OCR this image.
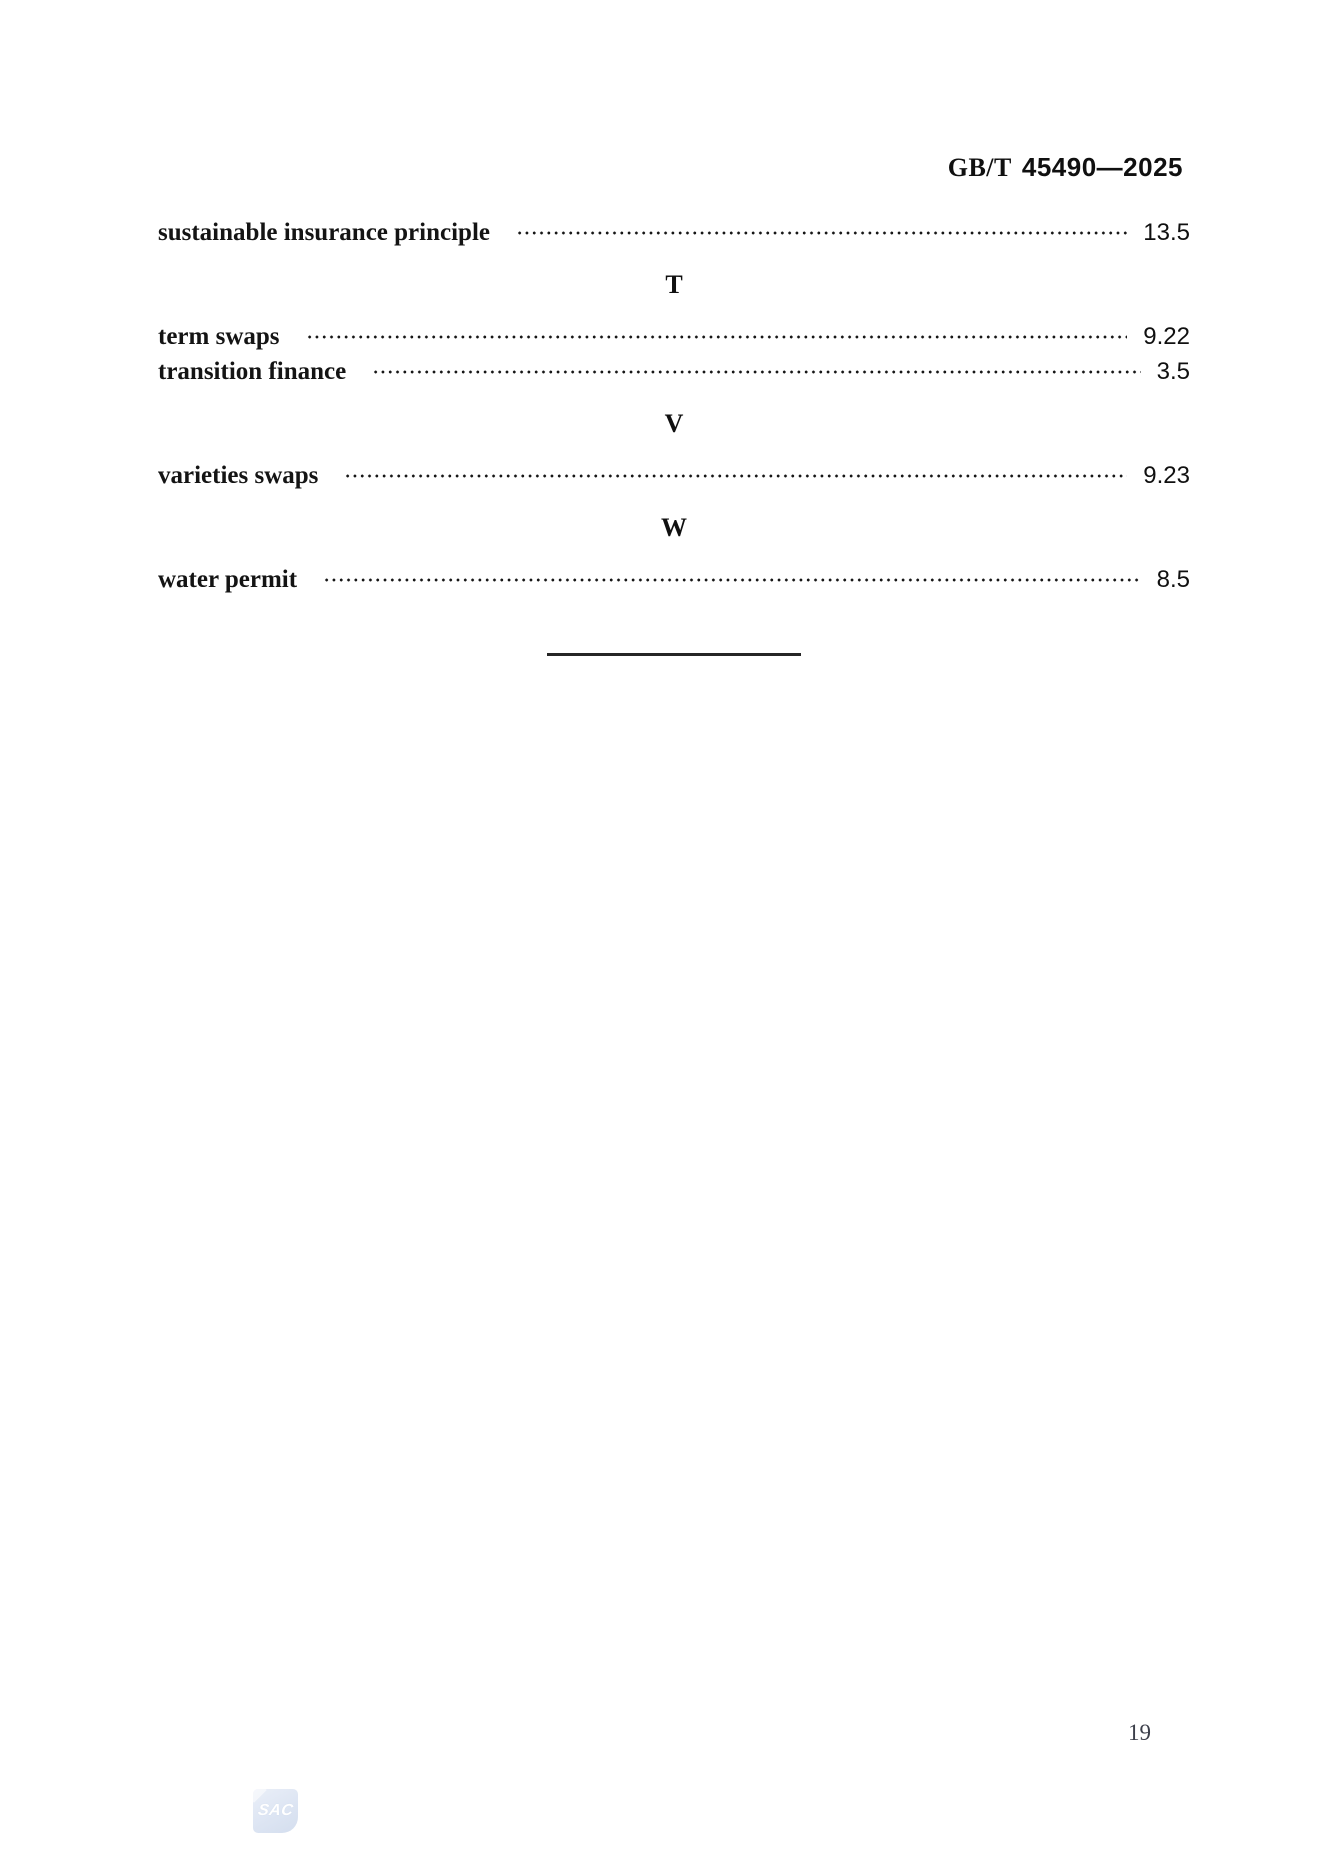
GB/T 45490—2025
sustainable insurance principle	13.5
T
term swaps	9.22
transition finance	3.5
V
varieties swaps	9.23
W
water permit	8.5
19
SAC
